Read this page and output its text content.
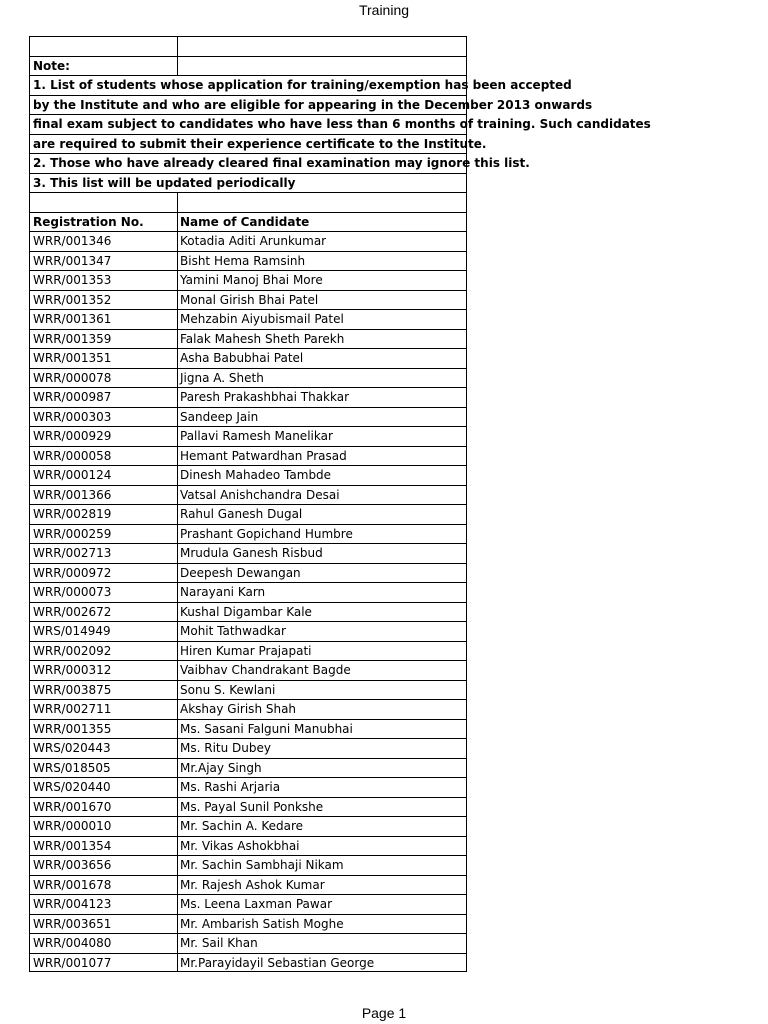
Training
Note:
1. List of students whose application for training/exemption has been accepted
by the Institute and who are eligible for appearing in the December 2013 onwards
final exam subject to candidates who have less than 6 months of training. Such candidates
are required to submit their experience certificate to the Institute.
2. Those who have already cleared final examination may ignore this list.
3. This list will be updated periodically
Registration No.	Name of Candidate
WRR/001346	Kotadia Aditi Arunkumar
WRR/001347	Bisht Hema Ramsinh
WRR/001353	Yamini Manoj Bhai More
WRR/001352	Monal Girish Bhai Patel
WRR/001361	Mehzabin Aiyubismail Patel
WRR/001359	Falak Mahesh Sheth Parekh
WRR/001351	Asha Babubhai Patel
WRR/000078	Jigna A. Sheth
WRR/000987	Paresh Prakashbhai Thakkar
WRR/000303	Sandeep Jain
WRR/000929	Pallavi Ramesh Manelikar
WRR/000058	Hemant Patwardhan Prasad
WRR/000124	Dinesh Mahadeo Tambde
WRR/001366	Vatsal Anishchandra Desai
WRR/002819	Rahul Ganesh Dugal
WRR/000259	Prashant Gopichand Humbre
WRR/002713	Mrudula Ganesh Risbud
WRR/000972	Deepesh Dewangan
WRR/000073	Narayani Karn
WRR/002672	Kushal Digambar Kale
WRS/014949	Mohit Tathwadkar
WRR/002092	Hiren Kumar Prajapati
WRR/000312	Vaibhav Chandrakant Bagde
WRR/003875	Sonu S. Kewlani
WRR/002711	Akshay Girish Shah
WRR/001355	Ms. Sasani Falguni Manubhai
WRS/020443	Ms. Ritu Dubey
WRS/018505	Mr.Ajay Singh
WRS/020440	Ms. Rashi Arjaria
WRR/001670	Ms. Payal Sunil Ponkshe
WRR/000010	Mr. Sachin A. Kedare
WRR/001354	Mr. Vikas Ashokbhai
WRR/003656	Mr. Sachin Sambhaji Nikam
WRR/001678	Mr. Rajesh Ashok Kumar
WRR/004123	Ms. Leena Laxman Pawar
WRR/003651	Mr. Ambarish Satish Moghe
WRR/004080	Mr. Sail Khan
WRR/001077	Mr.Parayidayil Sebastian George
Page 1
